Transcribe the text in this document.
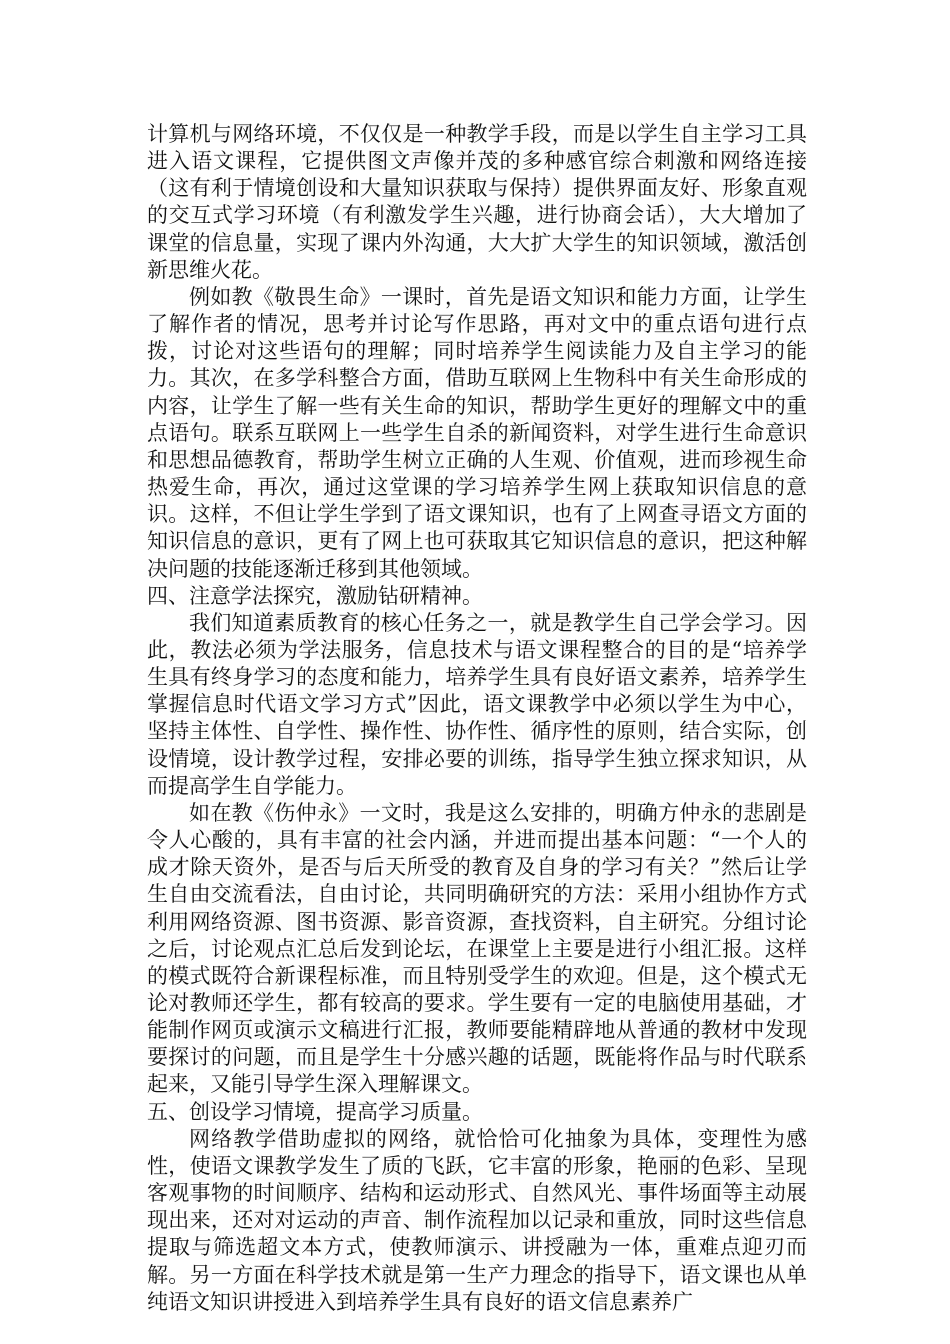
计算机与网络环境，不仅仅是一种教学手段，而是以学生自主学习工具进入语文课程，它提供图文声像并茂的多种感官综合刺激和网络连接（这有利于情境创设和大量知识获取与保持）提供界面友好、形象直观的交互式学习环境（有利激发学生兴趣，进行协商会话），大大增加了课堂的信息量，实现了课内外沟通，大大扩大学生的知识领域，激活创新思维火花。

例如教《敬畏生命》一课时，首先是语文知识和能力方面，让学生了解作者的情况，思考并讨论写作思路，再对文中的重点语句进行点拨，讨论对这些语句的理解；同时培养学生阅读能力及自主学习的能力。其次，在多学科整合方面，借助互联网上生物科中有关生命形成的内容，让学生了解一些有关生命的知识，帮助学生更好的理解文中的重点语句。联系互联网上一些学生自杀的新闻资料，对学生进行生命意识和思想品德教育，帮助学生树立正确的人生观、价值观，进而珍视生命热爱生命，再次，通过这堂课的学习培养学生网上获取知识信息的意识。这样，不但让学生学到了语文课知识，也有了上网查寻语文方面的知识信息的意识，更有了网上也可获取其它知识信息的意识，把这种解决问题的技能逐渐迁移到其他领域。

四、注意学法探究，激励钻研精神。

我们知道素质教育的核心任务之一，就是教学生自己学会学习。因此，教法必须为学法服务，信息技术与语文课程整合的目的是“培养学生具有终身学习的态度和能力，培养学生具有良好语文素养，培养学生掌握信息时代语文学习方式”因此，语文课教学中必须以学生为中心，坚持主体性、自学性、操作性、协作性、循序性的原则，结合实际，创设情境，设计教学过程，安排必要的训练，指导学生独立探求知识，从而提高学生自学能力。

如在教《伤仲永》一文时，我是这么安排的，明确方仲永的悲剧是令人心酸的，具有丰富的社会内涵，并进而提出基本问题：“一个人的成才除天资外，是否与后天所受的教育及自身的学习有关？”然后让学生自由交流看法，自由讨论，共同明确研究的方法：采用小组协作方式利用网络资源、图书资源、影音资源，查找资料，自主研究。分组讨论之后，讨论观点汇总后发到论坛，在课堂上主要是进行小组汇报。这样的模式既符合新课程标准，而且特别受学生的欢迎。但是，这个模式无论对教师还学生，都有较高的要求。学生要有一定的电脑使用基础，才能制作网页或演示文稿进行汇报，教师要能精辟地从普通的教材中发现要探讨的问题，而且是学生十分感兴趣的话题，既能将作品与时代联系起来，又能引导学生深入理解课文。

五、创设学习情境，提高学习质量。

网络教学借助虚拟的网络，就恰恰可化抽象为具体，变理性为感性，使语文课教学发生了质的飞跃，它丰富的形象，艳丽的色彩、呈现客观事物的时间顺序、结构和运动形式、自然风光、事件场面等主动展现出来，还对对运动的声音、制作流程加以记录和重放，同时这些信息提取与筛选超文本方式，使教师演示、讲授融为一体，重难点迎刃而解。另一方面在科学技术就是第一生产力理念的指导下，语文课也从单纯语文知识讲授进入到培养学生具有良好的语文信息素养广
